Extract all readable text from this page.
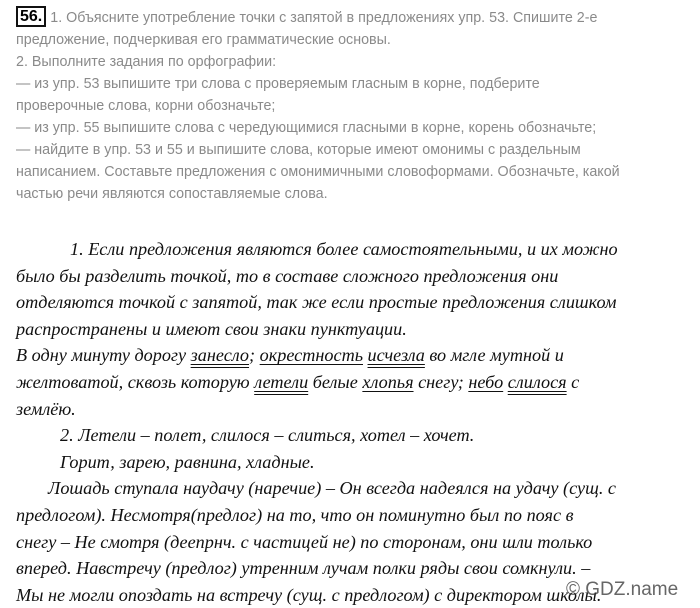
56. 1. Объясните употребление точки с запятой в предложениях упр. 53. Спишите 2-е
предложение, подчеркивая его грамматические основы.
2. Выполните задания по орфографии:
— из упр. 53 выпишите три слова с проверяемым гласным в корне, подберите
проверочные слова, корни обозначьте;
— из упр. 55 выпишите слова с чередующимися гласными в корне, корень обозначьте;
— найдите в упр. 53 и 55 и выпишите слова, которые имеют омонимы с раздельным
написанием. Составьте предложения с омонимичными словоформами. Обозначьте, какой
частью речи являются сопоставляемые слова.
1. Если предложения являются более самостоятельными, и их можно
было бы разделить точкой, то в составе сложного предложения они
отделяются точкой с запятой, так же если простые предложения слишком
распространены и имеют свои знаки пунктуации.
В одну минуту дорогу занесло; окрестность исчезла во мгле мутной и
желтоватой, сквозь которую летели белые хлопья снегу; небо слилося с
землёю.
2. Летели – полет, слилося – слиться, хотел – хочет.
Горит, зарею, равнина, хладные.
Лошадь ступала наудачу (наречие) – Он всегда надеялся на удачу (сущ. с
предлогом). Несмотря(предлог) на то, что он поминутно был по пояс в
снегу – Не смотря (деепрнч. с частицей не) по сторонам, они шли только
вперед. Навстречу (предлог) утренним лучам полки ряды свои сомкнули. –
Мы не могли опоздать на встречу (сущ. с предлогом) с директором школы.
© GDZ.name
